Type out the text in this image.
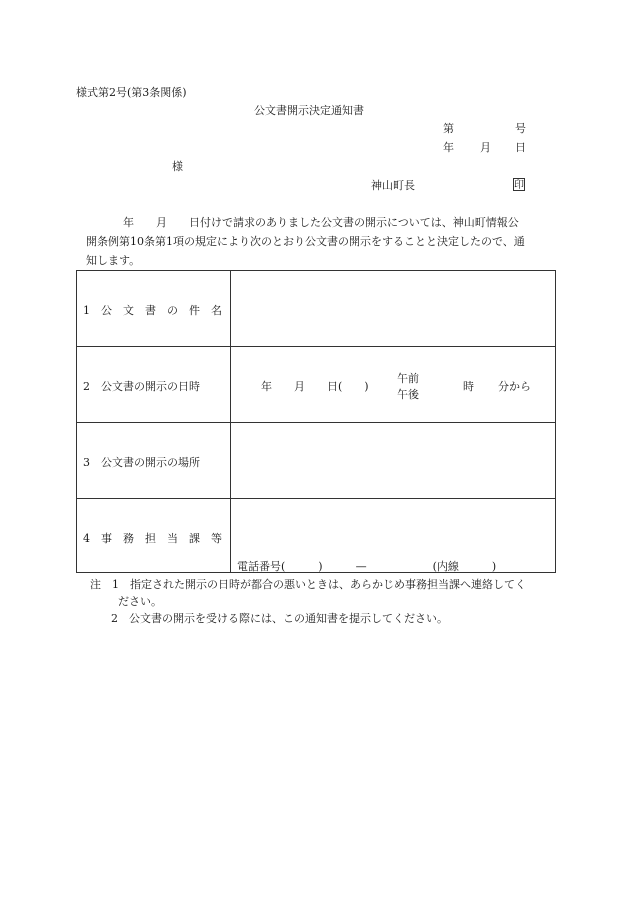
様式第2号(第3条関係)
公文書開示決定通知書
第	号
年 月 日
様
神山町長	印
年　　月　　日付けで請求のありました公文書の開示については、神山町情報公
開条例第10条第1項の規定により次のとおり公文書の開示をすることと決定したので、通
知します。
1　公　文　書　の　件　名
2　公文書の開示の日時	年　　月　　日(　　)
午前
午後
時 分から
3　公文書の開示の場所
4　事　務　担　当　課　等
電話番号(　　　)　　　—　　　　　　(内線　　　)
注　1　指定された開示の日時が都合の悪いときは、あらかじめ事務担当課へ連絡してく
ださい。
2　公文書の開示を受ける際には、この通知書を提示してください。
